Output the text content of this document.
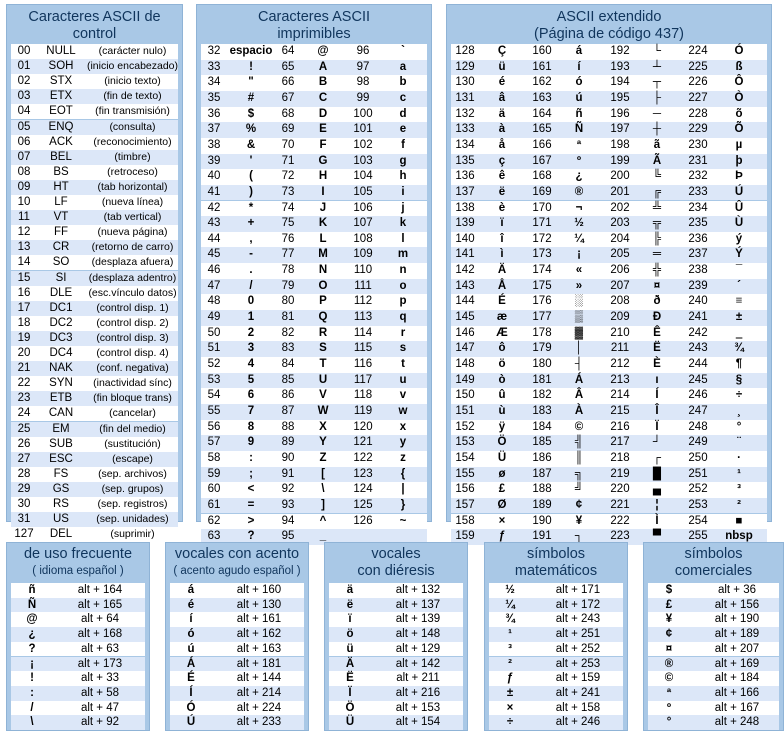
Caracteres ASCII de
control
00	NULL	(carácter nulo)
01	SOH	(inicio encabezado)
02	STX	(inicio texto)
03	ETX	(fin de texto)
04	EOT	(fin transmisión)
05	ENQ	(consulta)
06	ACK	(reconocimiento)
07	BEL	(timbre)
08	BS	(retroceso)
09	HT	(tab horizontal)
10	LF	(nueva línea)
11	VT	(tab vertical)
12	FF	(nueva página)
13	CR	(retorno de carro)
14	SO	(desplaza afuera)
15	SI	(desplaza adentro)
16	DLE	(esc.vínculo datos)
17	DC1	(control disp. 1)
18	DC2	(control disp. 2)
19	DC3	(control disp. 3)
20	DC4	(control disp. 4)
21	NAK	(conf. negativa)
22	SYN	(inactividad sínc)
23	ETB	(fin bloque trans)
24	CAN	(cancelar)
25	EM	(fin del medio)
26	SUB	(sustitución)
27	ESC	(escape)
28	FS	(sep. archivos)
29	GS	(sep. grupos)
30	RS	(sep. registros)
31	US	(sep. unidades)
127	DEL	(suprimir)
Caracteres ASCII
imprimibles
32 espacio 64	@	96	`
33	!	65	A	97	a
34	"	66	B	98	b
35	#	67	C	99	c
36	$	68	D	100	d
37	%	69	E	101	e
38	&	70	F	102	f
39	'	71	G	103	g
40	(	72	H	104	h
41	)	73	I	105	i
42	*	74	J	106	j
43	+	75	K	107	k
44	,	76	L	108	l
45	-	77	M	109	m
46	.	78	N	110	n
47	/	79	O	111	o
48	0	80	P	112	p
49	1	81	Q	113	q
50	2	82	R	114	r
51	3	83	S	115	s
52	4	84	T	116	t
53	5	85	U	117	u
54	6	86	V	118	v
55	7	87	W	119	w
56	8	88	X	120	x
57	9	89	Y	121	y
58	:	90	Z	122	z
59	;	91	[	123	{
60	<	92	\	124	|
61	=	93	]	125	}
62	>	94	^	126	~
63	?	95	_
ASCII extendido
(Página de código 437)
128	Ç	160	á	192	└	224	Ó
129	ü	161	í	193	┴	225	ß
130	é	162	ó	194	┬	226	Ô
131	â	163	ú	195	├	227	Ò
132	ä	164	ñ	196	─	228	õ
133	à	165	Ñ	197	┼	229	Õ
134	å	166	ª	198	ã	230	µ
135	ç	167	º	199	Ã	231	þ
136	ê	168	¿	200	╚	232	Þ
137	ë	169	®	201	╔	233	Ú
138	è	170	¬	202	╩	234	Û
139	ï	171	½	203	╦	235	Ù
140	î	172	¼	204	╠	236	ý
141	ì	173	¡	205	═	237	Ý
142	Ä	174	«	206	╬	238	¯
143	Å	175	»	207	¤	239	´
144	É	176	░	208	ð	240	≡
145	æ	177	▒	209	Ð	241	±
146	Æ	178	▓	210	Ê	242	‗
147	ô	179	│	211	Ë	243	¾
148	ö	180	┤	212	È	244	¶
149	ò	181	Á	213	ı	245	§
150	û	182	Â	214	Í	246	÷
151	ù	183	À	215	Î	247	¸
152	ÿ	184	©	216	Ï	248	°
153	Ö	185	╣	217	┘	249	¨
154	Ü	186	║	218	┌	250	·
155	ø	187	╗	219	█	251	¹
156	£	188	╝	220	▄	252	³
157	Ø	189	¢	221	¦	253	²
158	×	190	¥	222	Ì	254	■
159	ƒ	191	┐	223	▀	255	nbsp
de uso frecuente
( idioma español )
ñ	alt + 164
Ñ	alt + 165
@	alt + 64
¿	alt + 168
?	alt + 63
¡	alt + 173
!	alt + 33
:	alt + 58
/	alt + 47
\	alt + 92
vocales con acento
( acento agudo español )
á	alt + 160
é	alt + 130
í	alt + 161
ó	alt + 162
ú	alt + 163
Á	alt + 181
É	alt + 144
Í	alt + 214
Ó	alt + 224
Ú	alt + 233
vocales
con diéresis
ä	alt + 132
ë	alt + 137
ï	alt + 139
ö	alt + 148
ü	alt + 129
Ä	alt + 142
Ë	alt + 211
Ï	alt + 216
Ö	alt + 153
Ü	alt + 154
símbolos
matemáticos
½	alt + 171
¼	alt + 172
¾	alt + 243
¹	alt + 251
³	alt + 252
²	alt + 253
ƒ	alt + 159
±	alt + 241
×	alt + 158
÷	alt + 246
símbolos
comerciales
$	alt + 36
£	alt + 156
¥	alt + 190
¢	alt + 189
¤	alt + 207
®	alt + 169
©	alt + 184
ª	alt + 166
º	alt + 167
°	alt + 248
